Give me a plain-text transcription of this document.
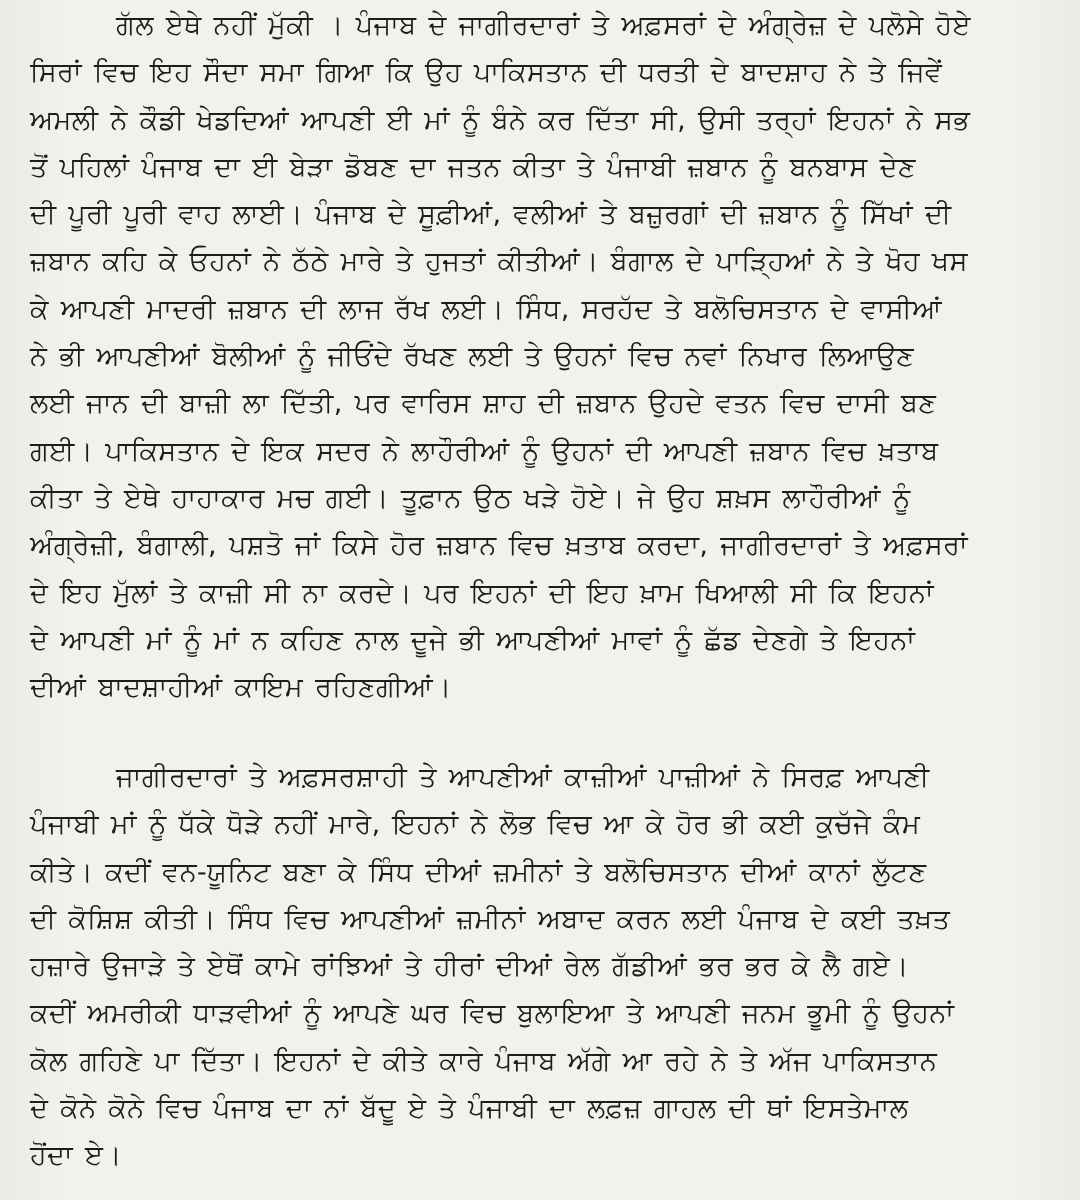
ਗੱਲ ਏਥੇ ਨਹੀਂ ਮੁੱਕੀ । ਪੰਜਾਬ ਦੇ ਜਾਗੀਰਦਾਰਾਂ ਤੇ ਅਫ਼ਸਰਾਂ ਦੇ ਅੰਗ੍ਰੇਜ਼ ਦੇ ਪਲੋਸੇ ਹੋਏ
ਸਿਰਾਂ ਵਿਚ ਇਹ ਸੌਦਾ ਸਮਾ ਗਿਆ ਕਿ ਉਹ ਪਾਕਿਸਤਾਨ ਦੀ ਧਰਤੀ ਦੇ ਬਾਦਸ਼ਾਹ ਨੇ ਤੇ ਜਿਵੇਂ
ਅਮਲੀ ਨੇ ਕੌਡੀ ਖੇਡਦਿਆਂ ਆਪਣੀ ਈ ਮਾਂ ਨੂੰ ਬੰਨੇ ਕਰ ਦਿੱਤਾ ਸੀ, ਉਸੀ ਤਰ੍ਹਾਂ ਇਹਨਾਂ ਨੇ ਸਭ
ਤੋਂ ਪਹਿਲਾਂ ਪੰਜਾਬ ਦਾ ਈ ਬੇੜਾ ਡੋਬਣ ਦਾ ਜਤਨ ਕੀਤਾ ਤੇ ਪੰਜਾਬੀ ਜ਼ਬਾਨ ਨੂੰ ਬਨਬਾਸ ਦੇਣ
ਦੀ ਪੂਰੀ ਪੂਰੀ ਵਾਹ ਲਾਈ। ਪੰਜਾਬ ਦੇ ਸੂਫ਼ੀਆਂ, ਵਲੀਆਂ ਤੇ ਬਜ਼ੁਰਗਾਂ ਦੀ ਜ਼ਬਾਨ ਨੂੰ ਸਿੱਖਾਂ ਦੀ
ਜ਼ਬਾਨ ਕਹਿ ਕੇ ਓਹਨਾਂ ਨੇ ਠੱਠੇ ਮਾਰੇ ਤੇ ਹੁਜਤਾਂ ਕੀਤੀਆਂ। ਬੰਗਾਲ ਦੇ ਪਾੜ੍ਹਿਆਂ ਨੇ ਤੇ ਖੋਹ ਖਸ
ਕੇ ਆਪਣੀ ਮਾਦਰੀ ਜ਼ਬਾਨ ਦੀ ਲਾਜ ਰੱਖ ਲਈ। ਸਿੰਧ, ਸਰਹੱਦ ਤੇ ਬਲੋਚਿਸਤਾਨ ਦੇ ਵਾਸੀਆਂ
ਨੇ ਭੀ ਆਪਣੀਆਂ ਬੋਲੀਆਂ ਨੂੰ ਜੀਓਂਦੇ ਰੱਖਣ ਲਈ ਤੇ ਉਹਨਾਂ ਵਿਚ ਨਵਾਂ ਨਿਖਾਰ ਲਿਆਉਣ
ਲਈ ਜਾਨ ਦੀ ਬਾਜ਼ੀ ਲਾ ਦਿੱਤੀ, ਪਰ ਵਾਰਿਸ ਸ਼ਾਹ ਦੀ ਜ਼ਬਾਨ ਉਹਦੇ ਵਤਨ ਵਿਚ ਦਾਸੀ ਬਣ
ਗਈ। ਪਾਕਿਸਤਾਨ ਦੇ ਇਕ ਸਦਰ ਨੇ ਲਾਹੌਰੀਆਂ ਨੂੰ ਉਹਨਾਂ ਦੀ ਆਪਣੀ ਜ਼ਬਾਨ ਵਿਚ ਖ਼ਤਾਬ
ਕੀਤਾ ਤੇ ਏਥੇ ਹਾਹਾਕਾਰ ਮਚ ਗਈ। ਤੂਫ਼ਾਨ ਉਠ ਖੜੇ ਹੋਏ। ਜੇ ਉਹ ਸ਼ਖ਼ਸ ਲਾਹੌਰੀਆਂ ਨੂੰ
ਅੰਗ੍ਰੇਜ਼ੀ, ਬੰਗਾਲੀ, ਪਸ਼ਤੋ ਜਾਂ ਕਿਸੇ ਹੋਰ ਜ਼ਬਾਨ ਵਿਚ ਖ਼ਤਾਬ ਕਰਦਾ, ਜਾਗੀਰਦਾਰਾਂ ਤੇ ਅਫ਼ਸਰਾਂ
ਦੇ ਇਹ ਮੁੱਲਾਂ ਤੇ ਕਾਜ਼ੀ ਸੀ ਨਾ ਕਰਦੇ। ਪਰ ਇਹਨਾਂ ਦੀ ਇਹ ਖ਼ਾਮ ਖਿਆਲੀ ਸੀ ਕਿ ਇਹਨਾਂ
ਦੇ ਆਪਣੀ ਮਾਂ ਨੂੰ ਮਾਂ ਨ ਕਹਿਣ ਨਾਲ ਦੂਜੇ ਭੀ ਆਪਣੀਆਂ ਮਾਵਾਂ ਨੂੰ ਛੱਡ ਦੇਣਗੇ ਤੇ ਇਹਨਾਂ
ਦੀਆਂ ਬਾਦਸ਼ਾਹੀਆਂ ਕਾਇਮ ਰਹਿਣਗੀਆਂ।
ਜਾਗੀਰਦਾਰਾਂ ਤੇ ਅਫ਼ਸਰਸ਼ਾਹੀ ਤੇ ਆਪਣੀਆਂ ਕਾਜ਼ੀਆਂ ਪਾਜ਼ੀਆਂ ਨੇ ਸਿਰਫ਼ ਆਪਣੀ
ਪੰਜਾਬੀ ਮਾਂ ਨੂੰ ਧੱਕੇ ਧੋੜੇ ਨਹੀਂ ਮਾਰੇ, ਇਹਨਾਂ ਨੇ ਲੋਭ ਵਿਚ ਆ ਕੇ ਹੋਰ ਭੀ ਕਈ ਕੁਚੱਜੇ ਕੰਮ
ਕੀਤੇ। ਕਦੀਂ ਵਨ-ਯੂਨਿਟ ਬਣਾ ਕੇ ਸਿੰਧ ਦੀਆਂ ਜ਼ਮੀਨਾਂ ਤੇ ਬਲੋਚਿਸਤਾਨ ਦੀਆਂ ਕਾਨਾਂ ਲੁੱਟਣ
ਦੀ ਕੋਸ਼ਿਸ਼ ਕੀਤੀ। ਸਿੰਧ ਵਿਚ ਆਪਣੀਆਂ ਜ਼ਮੀਨਾਂ ਅਬਾਦ ਕਰਨ ਲਈ ਪੰਜਾਬ ਦੇ ਕਈ ਤਖ਼ਤ
ਹਜ਼ਾਰੇ ਉਜਾੜੇ ਤੇ ਏਥੋਂ ਕਾਮੇ ਰਾਂਝਿਆਂ ਤੇ ਹੀਰਾਂ ਦੀਆਂ ਰੇਲ ਗੱਡੀਆਂ ਭਰ ਭਰ ਕੇ ਲੈ ਗਏ।
ਕਦੀਂ ਅਮਰੀਕੀ ਧਾੜਵੀਆਂ ਨੂੰ ਆਪਣੇ ਘਰ ਵਿਚ ਬੁਲਾਇਆ ਤੇ ਆਪਣੀ ਜਨਮ ਭੂਮੀ ਨੂੰ ਉਹਨਾਂ
ਕੋਲ ਗਹਿਣੇ ਪਾ ਦਿੱਤਾ। ਇਹਨਾਂ ਦੇ ਕੀਤੇ ਕਾਰੇ ਪੰਜਾਬ ਅੱਗੇ ਆ ਰਹੇ ਨੇ ਤੇ ਅੱਜ ਪਾਕਿਸਤਾਨ
ਦੇ ਕੋਨੇ ਕੋਨੇ ਵਿਚ ਪੰਜਾਬ ਦਾ ਨਾਂ ਬੱਦੂ ਏ ਤੇ ਪੰਜਾਬੀ ਦਾ ਲਫ਼ਜ਼ ਗਾਹਲ ਦੀ ਥਾਂ ਇਸਤੇਮਾਲ
ਹੋਂਦਾ ਏ।
